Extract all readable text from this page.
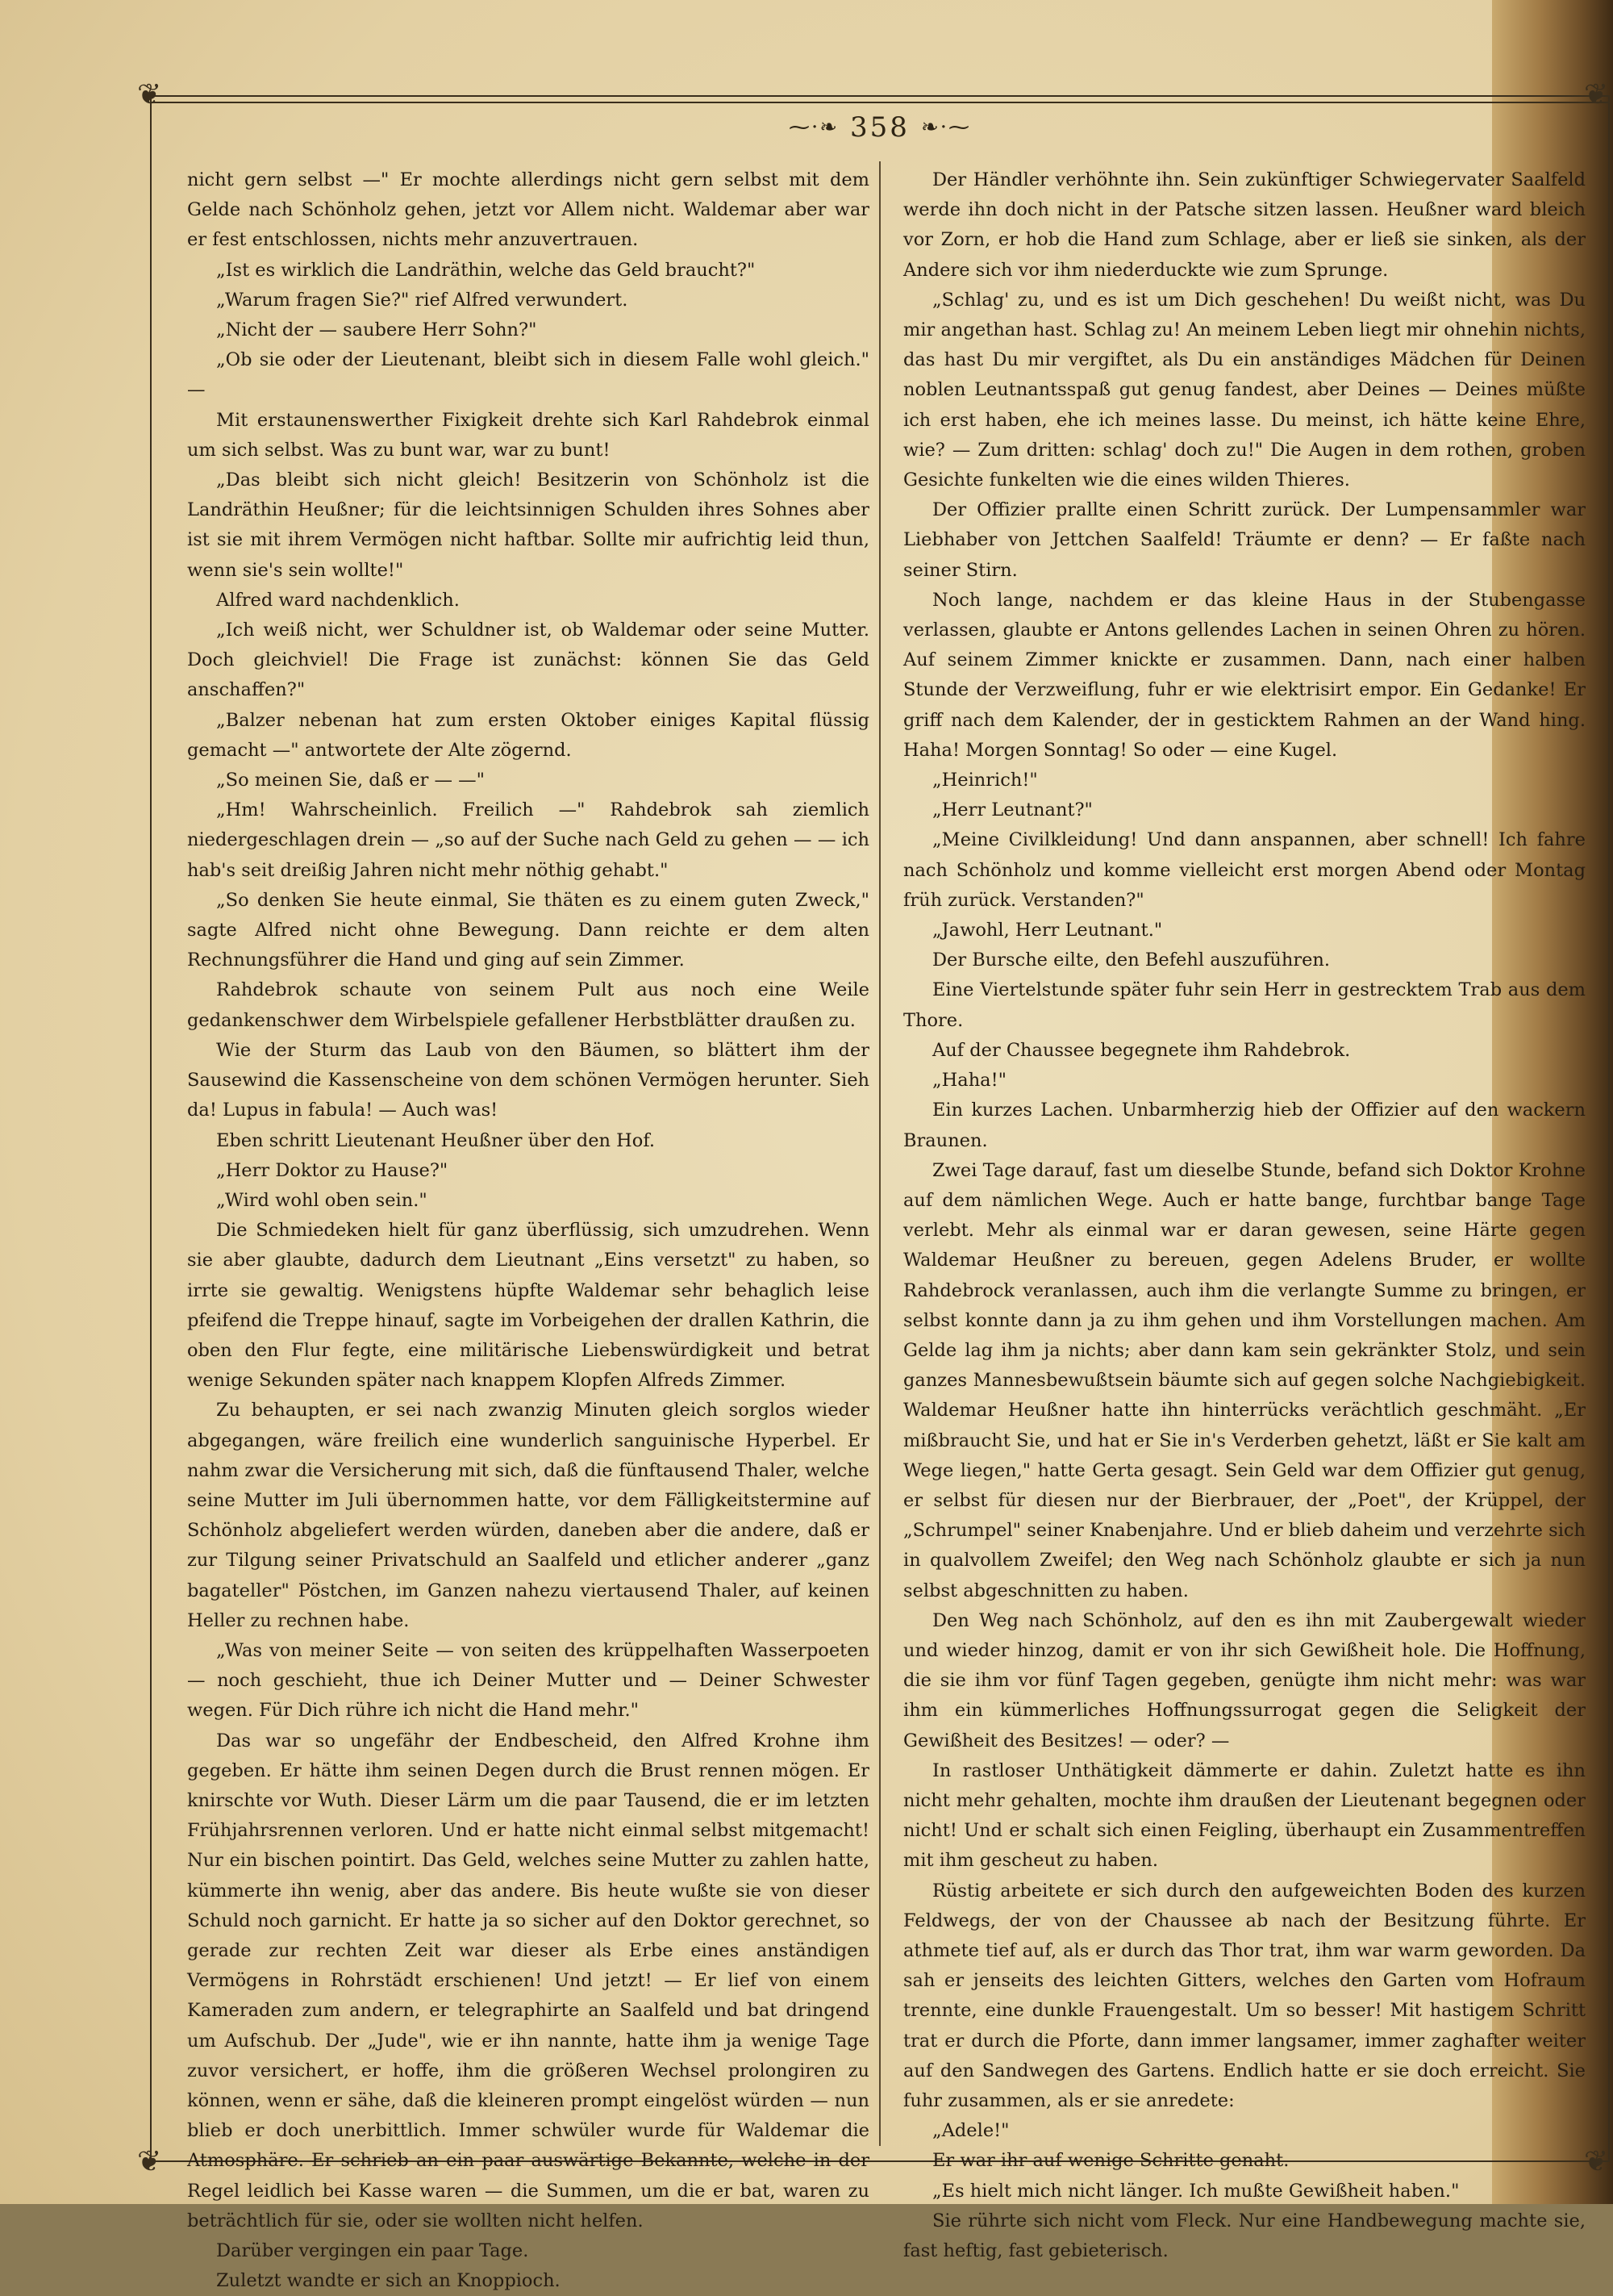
❦	❦
❦	❦
⁓·❧ 358 ❧·⁓

nicht gern selbst —" Er mochte allerdings nicht gern selbst mit dem Gelde nach Schönholz gehen, jetzt vor Allem nicht. Waldemar aber war er fest entschlossen, nichts mehr anzuvertrauen.

„Ist es wirklich die Landräthin, welche das Geld braucht?"

„Warum fragen Sie?" rief Alfred verwundert.

„Nicht der — saubere Herr Sohn?"

„Ob sie oder der Lieutenant, bleibt sich in diesem Falle wohl gleich." —

Mit erstaunenswerther Fixigkeit drehte sich Karl Rahdebrok einmal um sich selbst. Was zu bunt war, war zu bunt!

„Das bleibt sich nicht gleich! Besitzerin von Schönholz ist die Landräthin Heußner; für die leichtsinnigen Schulden ihres Sohnes aber ist sie mit ihrem Vermögen nicht haftbar. Sollte mir aufrichtig leid thun, wenn sie's sein wollte!"

Alfred ward nachdenklich.

„Ich weiß nicht, wer Schuldner ist, ob Waldemar oder seine Mutter. Doch gleichviel! Die Frage ist zunächst: können Sie das Geld anschaffen?"

„Balzer nebenan hat zum ersten Oktober einiges Kapital flüssig gemacht —" antwortete der Alte zögernd.

„So meinen Sie, daß er — —"

„Hm! Wahrscheinlich. Freilich —" Rahdebrok sah ziemlich niedergeschlagen drein — „so auf der Suche nach Geld zu gehen — — ich hab's seit dreißig Jahren nicht mehr nöthig gehabt."

„So denken Sie heute einmal, Sie thäten es zu einem guten Zweck," sagte Alfred nicht ohne Bewegung. Dann reichte er dem alten Rechnungsführer die Hand und ging auf sein Zimmer.

Rahdebrok schaute von seinem Pult aus noch eine Weile gedankenschwer dem Wirbelspiele gefallener Herbstblätter draußen zu.

Wie der Sturm das Laub von den Bäumen, so blättert ihm der Sausewind die Kassenscheine von dem schönen Vermögen herunter. Sieh da! Lupus in fabula! — Auch was!

Eben schritt Lieutenant Heußner über den Hof.

„Herr Doktor zu Hause?"

„Wird wohl oben sein."

Die Schmiedeken hielt für ganz überflüssig, sich umzudrehen. Wenn sie aber glaubte, dadurch dem Lieutnant „Eins versetzt" zu haben, so irrte sie gewaltig. Wenigstens hüpfte Waldemar sehr behaglich leise pfeifend die Treppe hinauf, sagte im Vorbeigehen der drallen Kathrin, die oben den Flur fegte, eine militärische Liebenswürdigkeit und betrat wenige Sekunden später nach knappem Klopfen Alfreds Zimmer.

Zu behaupten, er sei nach zwanzig Minuten gleich sorglos wieder abgegangen, wäre freilich eine wunderlich sanguinische Hyperbel. Er nahm zwar die Versicherung mit sich, daß die fünftausend Thaler, welche seine Mutter im Juli übernommen hatte, vor dem Fälligkeitstermine auf Schönholz abgeliefert werden würden, daneben aber die andere, daß er zur Tilgung seiner Privatschuld an Saalfeld und etlicher anderer „ganz bagateller" Pöstchen, im Ganzen nahezu viertausend Thaler, auf keinen Heller zu rechnen habe.

„Was von meiner Seite — von seiten des krüppelhaften Wasserpoeten — noch geschieht, thue ich Deiner Mutter und — Deiner Schwester wegen. Für Dich rühre ich nicht die Hand mehr."

Das war so ungefähr der Endbescheid, den Alfred Krohne ihm gegeben. Er hätte ihm seinen Degen durch die Brust rennen mögen. Er knirschte vor Wuth. Dieser Lärm um die paar Tausend, die er im letzten Frühjahrsrennen verloren. Und er hatte nicht einmal selbst mitgemacht! Nur ein bischen pointirt. Das Geld, welches seine Mutter zu zahlen hatte, kümmerte ihn wenig, aber das andere. Bis heute wußte sie von dieser Schuld noch garnicht. Er hatte ja so sicher auf den Doktor gerechnet, so gerade zur rechten Zeit war dieser als Erbe eines anständigen Vermögens in Rohrstädt erschienen! Und jetzt! — Er lief von einem Kameraden zum andern, er telegraphirte an Saalfeld und bat dringend um Aufschub. Der „Jude", wie er ihn nannte, hatte ihm ja wenige Tage zuvor versichert, er hoffe, ihm die größeren Wechsel prolongiren zu können, wenn er sähe, daß die kleineren prompt eingelöst würden — nun blieb er doch unerbittlich. Immer schwüler wurde für Waldemar die Atmosphäre. Er schrieb an ein paar auswärtige Bekannte, welche in der Regel leidlich bei Kasse waren — die Summen, um die er bat, waren zu beträchtlich für sie, oder sie wollten nicht helfen.

Darüber vergingen ein paar Tage.

Zuletzt wandte er sich an Knoppioch.

Der Händler verhöhnte ihn. Sein zukünftiger Schwiegervater Saalfeld werde ihn doch nicht in der Patsche sitzen lassen. Heußner ward bleich vor Zorn, er hob die Hand zum Schlage, aber er ließ sie sinken, als der Andere sich vor ihm niederduckte wie zum Sprunge.

„Schlag' zu, und es ist um Dich geschehen! Du weißt nicht, was Du mir angethan hast. Schlag zu! An meinem Leben liegt mir ohnehin nichts, das hast Du mir vergiftet, als Du ein anständiges Mädchen für Deinen noblen Leutnantsspaß gut genug fandest, aber Deines — Deines müßte ich erst haben, ehe ich meines lasse. Du meinst, ich hätte keine Ehre, wie? — Zum dritten: schlag' doch zu!" Die Augen in dem rothen, groben Gesichte funkelten wie die eines wilden Thieres.

Der Offizier prallte einen Schritt zurück. Der Lumpensammler war Liebhaber von Jettchen Saalfeld! Träumte er denn? — Er faßte nach seiner Stirn.

Noch lange, nachdem er das kleine Haus in der Stubengasse verlassen, glaubte er Antons gellendes Lachen in seinen Ohren zu hören. Auf seinem Zimmer knickte er zusammen. Dann, nach einer halben Stunde der Verzweiflung, fuhr er wie elektrisirt empor. Ein Gedanke! Er griff nach dem Kalender, der in gesticktem Rahmen an der Wand hing. Haha! Morgen Sonntag! So oder — eine Kugel.

„Heinrich!"

„Herr Leutnant?"

„Meine Civilkleidung! Und dann anspannen, aber schnell! Ich fahre nach Schönholz und komme vielleicht erst morgen Abend oder Montag früh zurück. Verstanden?"

„Jawohl, Herr Leutnant."

Der Bursche eilte, den Befehl auszuführen.

Eine Viertelstunde später fuhr sein Herr in gestrecktem Trab aus dem Thore.

Auf der Chaussee begegnete ihm Rahdebrok.

„Haha!"

Ein kurzes Lachen. Unbarmherzig hieb der Offizier auf den wackern Braunen.

Zwei Tage darauf, fast um dieselbe Stunde, befand sich Doktor Krohne auf dem nämlichen Wege. Auch er hatte bange, furchtbar bange Tage verlebt. Mehr als einmal war er daran gewesen, seine Härte gegen Waldemar Heußner zu bereuen, gegen Adelens Bruder, er wollte Rahdebrock veranlassen, auch ihm die verlangte Summe zu bringen, er selbst konnte dann ja zu ihm gehen und ihm Vorstellungen machen. Am Gelde lag ihm ja nichts; aber dann kam sein gekränkter Stolz, und sein ganzes Mannesbewußtsein bäumte sich auf gegen solche Nachgiebigkeit. Waldemar Heußner hatte ihn hinterrücks verächtlich geschmäht. „Er mißbraucht Sie, und hat er Sie in's Verderben gehetzt, läßt er Sie kalt am Wege liegen," hatte Gerta gesagt. Sein Geld war dem Offizier gut genug, er selbst für diesen nur der Bierbrauer, der „Poet", der Krüppel, der „Schrumpel" seiner Knabenjahre. Und er blieb daheim und verzehrte sich in qualvollem Zweifel; den Weg nach Schönholz glaubte er sich ja nun selbst abgeschnitten zu haben.

Den Weg nach Schönholz, auf den es ihn mit Zaubergewalt wieder und wieder hinzog, damit er von ihr sich Gewißheit hole. Die Hoffnung, die sie ihm vor fünf Tagen gegeben, genügte ihm nicht mehr: was war ihm ein kümmerliches Hoffnungssurrogat gegen die Seligkeit der Gewißheit des Besitzes! — oder? —

In rastloser Unthätigkeit dämmerte er dahin. Zuletzt hatte es ihn nicht mehr gehalten, mochte ihm draußen der Lieutenant begegnen oder nicht! Und er schalt sich einen Feigling, überhaupt ein Zusammentreffen mit ihm gescheut zu haben.

Rüstig arbeitete er sich durch den aufgeweichten Boden des kurzen Feldwegs, der von der Chaussee ab nach der Besitzung führte. Er athmete tief auf, als er durch das Thor trat, ihm war warm geworden. Da sah er jenseits des leichten Gitters, welches den Garten vom Hofraum trennte, eine dunkle Frauengestalt. Um so besser! Mit hastigem Schritt trat er durch die Pforte, dann immer langsamer, immer zaghafter weiter auf den Sandwegen des Gartens. Endlich hatte er sie doch erreicht. Sie fuhr zusammen, als er sie anredete:

„Adele!"

Er war ihr auf wenige Schritte genaht.

„Es hielt mich nicht länger. Ich mußte Gewißheit haben."

Sie rührte sich nicht vom Fleck. Nur eine Handbewegung machte sie, fast heftig, fast gebieterisch.
